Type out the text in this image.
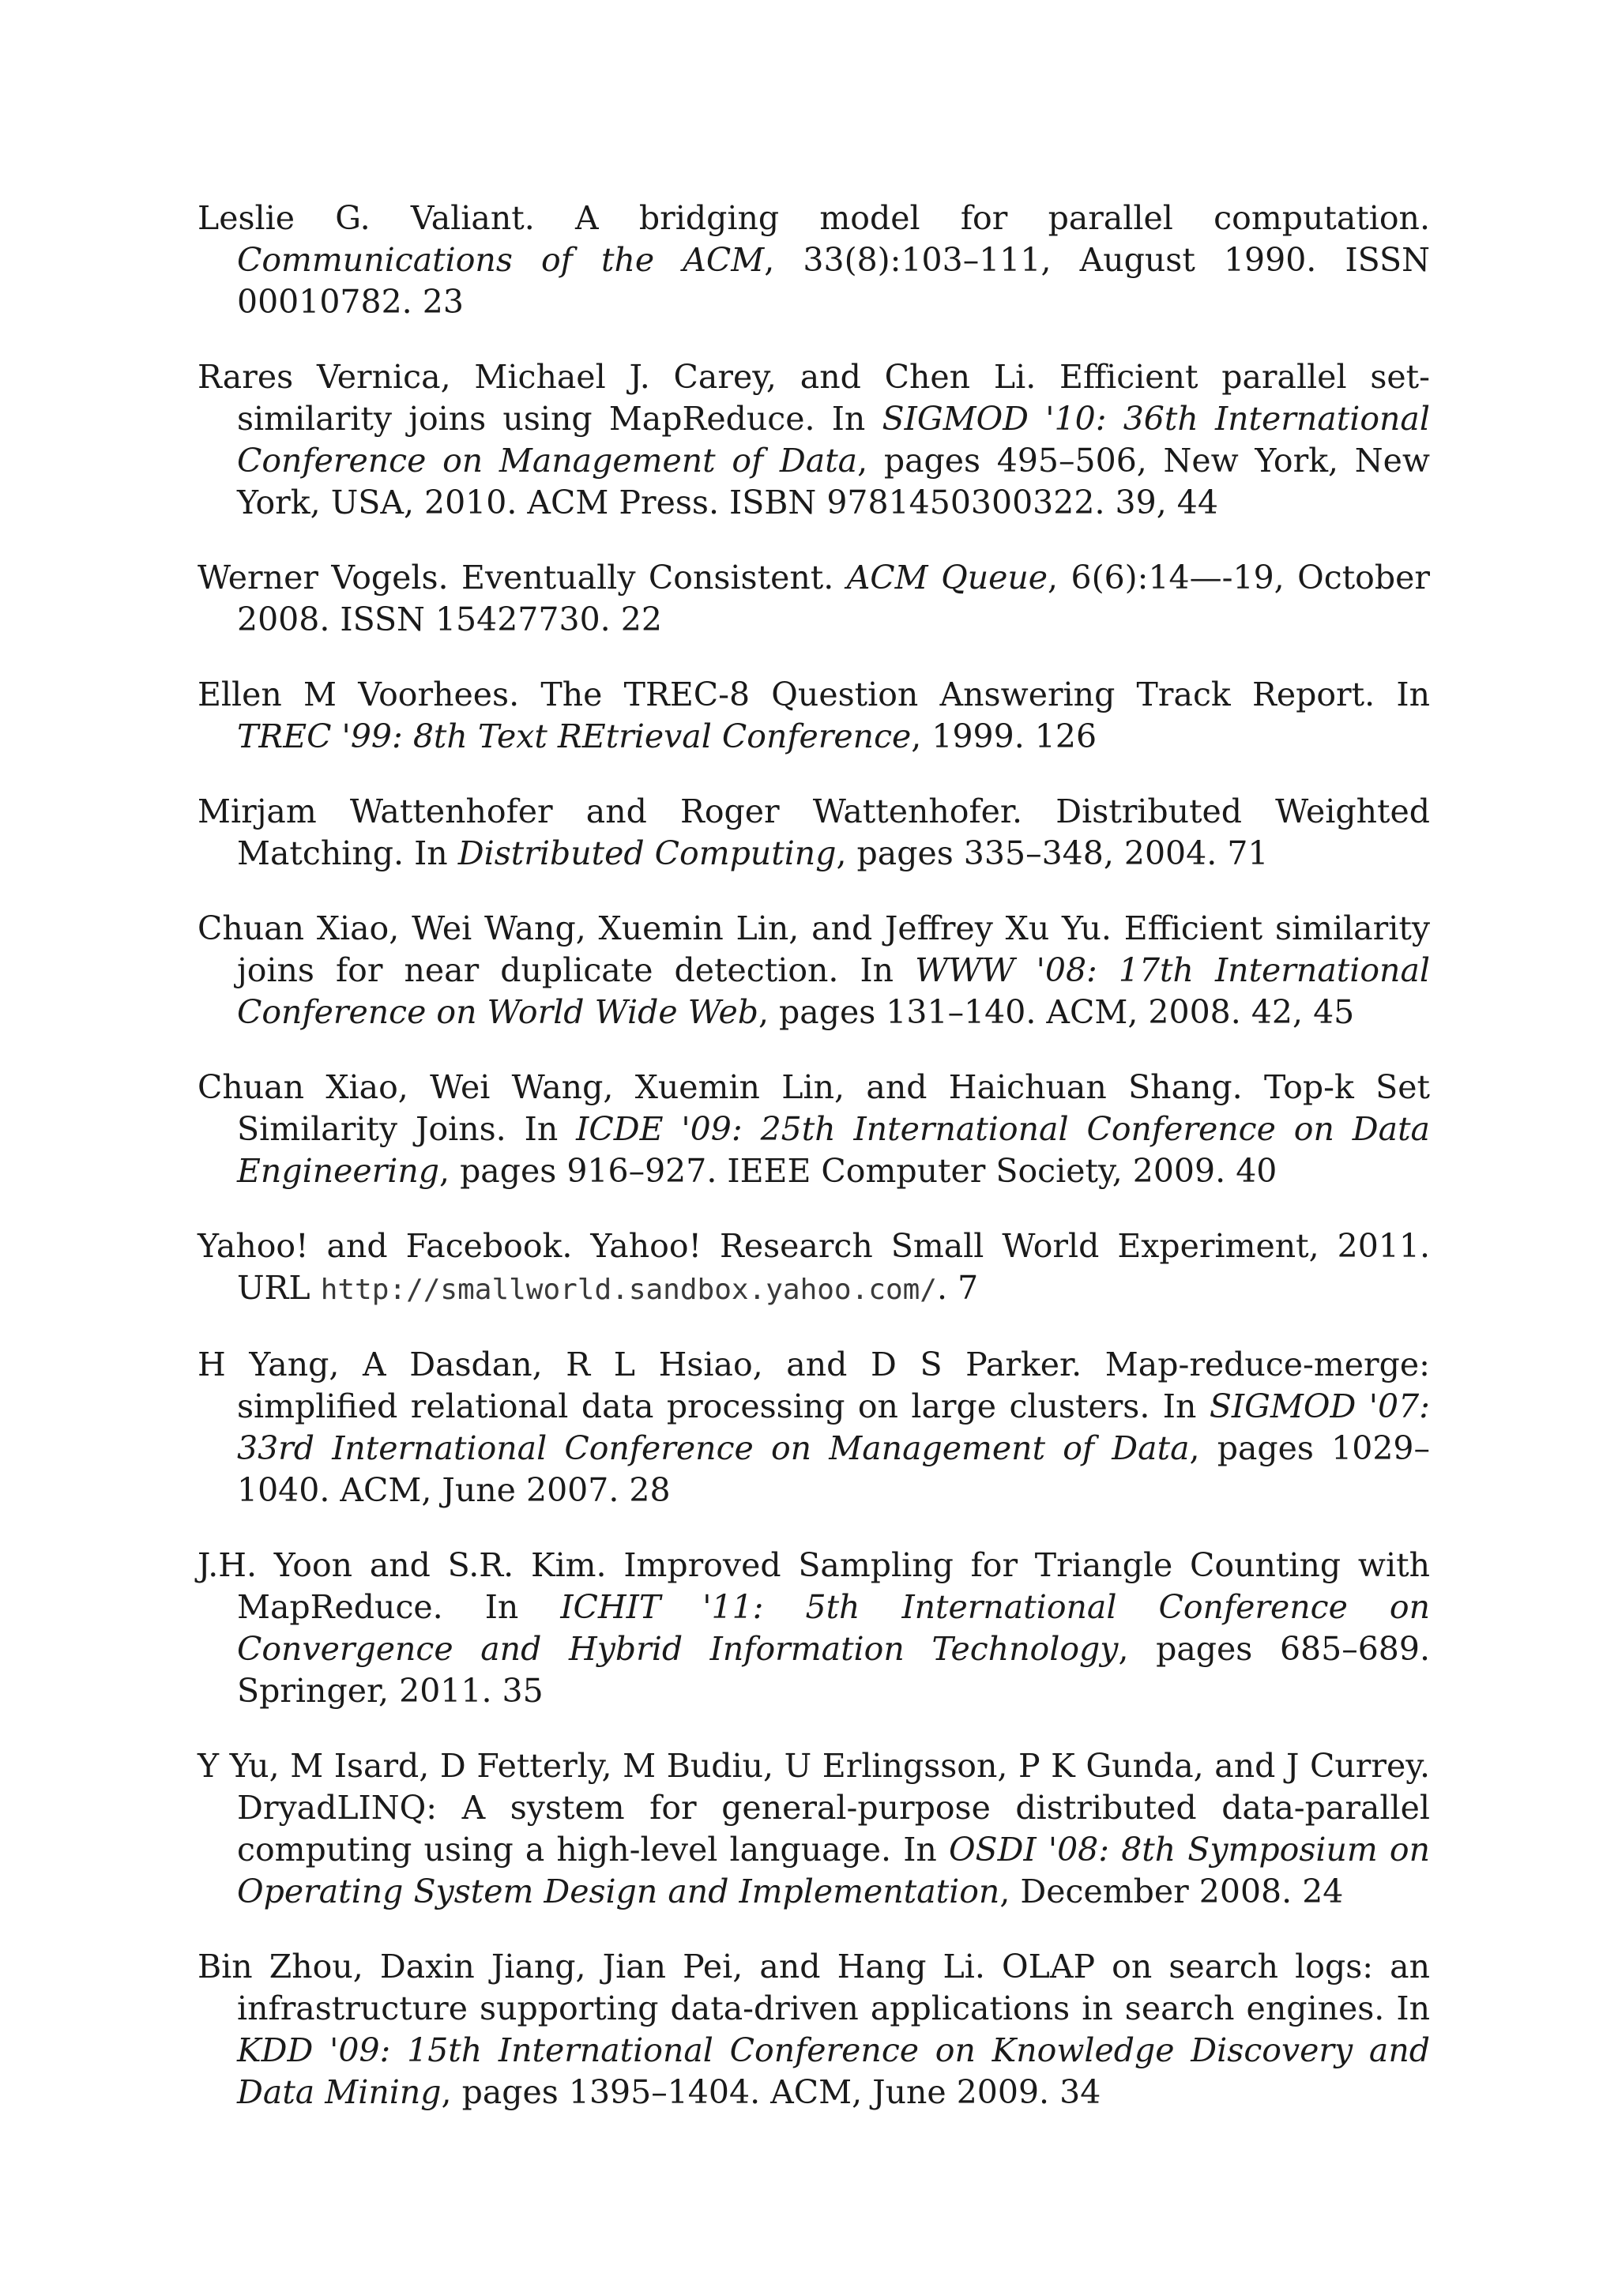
Leslie G. Valiant. A bridging model for parallel computation. Communications of the ACM, 33(8):103–111, August 1990. ISSN 00010782. 23

Rares Vernica, Michael J. Carey, and Chen Li. Efficient parallel set-similarity joins using MapReduce. In SIGMOD '10: 36th International Conference on Management of Data, pages 495–506, New York, New York, USA, 2010. ACM Press. ISBN 9781450300322. 39, 44

Werner Vogels. Eventually Consistent. ACM Queue, 6(6):14—-19, October 2008. ISSN 15427730. 22

Ellen M Voorhees. The TREC-8 Question Answering Track Report. In TREC '99: 8th Text REtrieval Conference, 1999. 126

Mirjam Wattenhofer and Roger Wattenhofer. Distributed Weighted Matching. In Distributed Computing, pages 335–348, 2004. 71

Chuan Xiao, Wei Wang, Xuemin Lin, and Jeffrey Xu Yu. Efficient similarity joins for near duplicate detection. In WWW '08: 17th International Conference on World Wide Web, pages 131–140. ACM, 2008. 42, 45

Chuan Xiao, Wei Wang, Xuemin Lin, and Haichuan Shang. Top-k Set Similarity Joins. In ICDE '09: 25th International Conference on Data Engineering, pages 916–927. IEEE Computer Society, 2009. 40

Yahoo! and Facebook. Yahoo! Research Small World Experiment, 2011. URL http://smallworld.sandbox.yahoo.com/. 7

H Yang, A Dasdan, R L Hsiao, and D S Parker. Map-reduce-merge: simplified relational data processing on large clusters. In SIGMOD '07: 33rd International Conference on Management of Data, pages 1029–1040. ACM, June 2007. 28

J.H. Yoon and S.R. Kim. Improved Sampling for Triangle Counting with MapReduce. In ICHIT '11: 5th International Conference on Convergence and Hybrid Information Technology, pages 685–689. Springer, 2011. 35

Y Yu, M Isard, D Fetterly, M Budiu, U Erlingsson, P K Gunda, and J Currey. DryadLINQ: A system for general-purpose distributed data-parallel computing using a high-level language. In OSDI '08: 8th Symposium on Operating System Design and Implementation, December 2008. 24

Bin Zhou, Daxin Jiang, Jian Pei, and Hang Li. OLAP on search logs: an infrastructure supporting data-driven applications in search engines. In KDD '09: 15th International Conference on Knowledge Discovery and Data Mining, pages 1395–1404. ACM, June 2009. 34
